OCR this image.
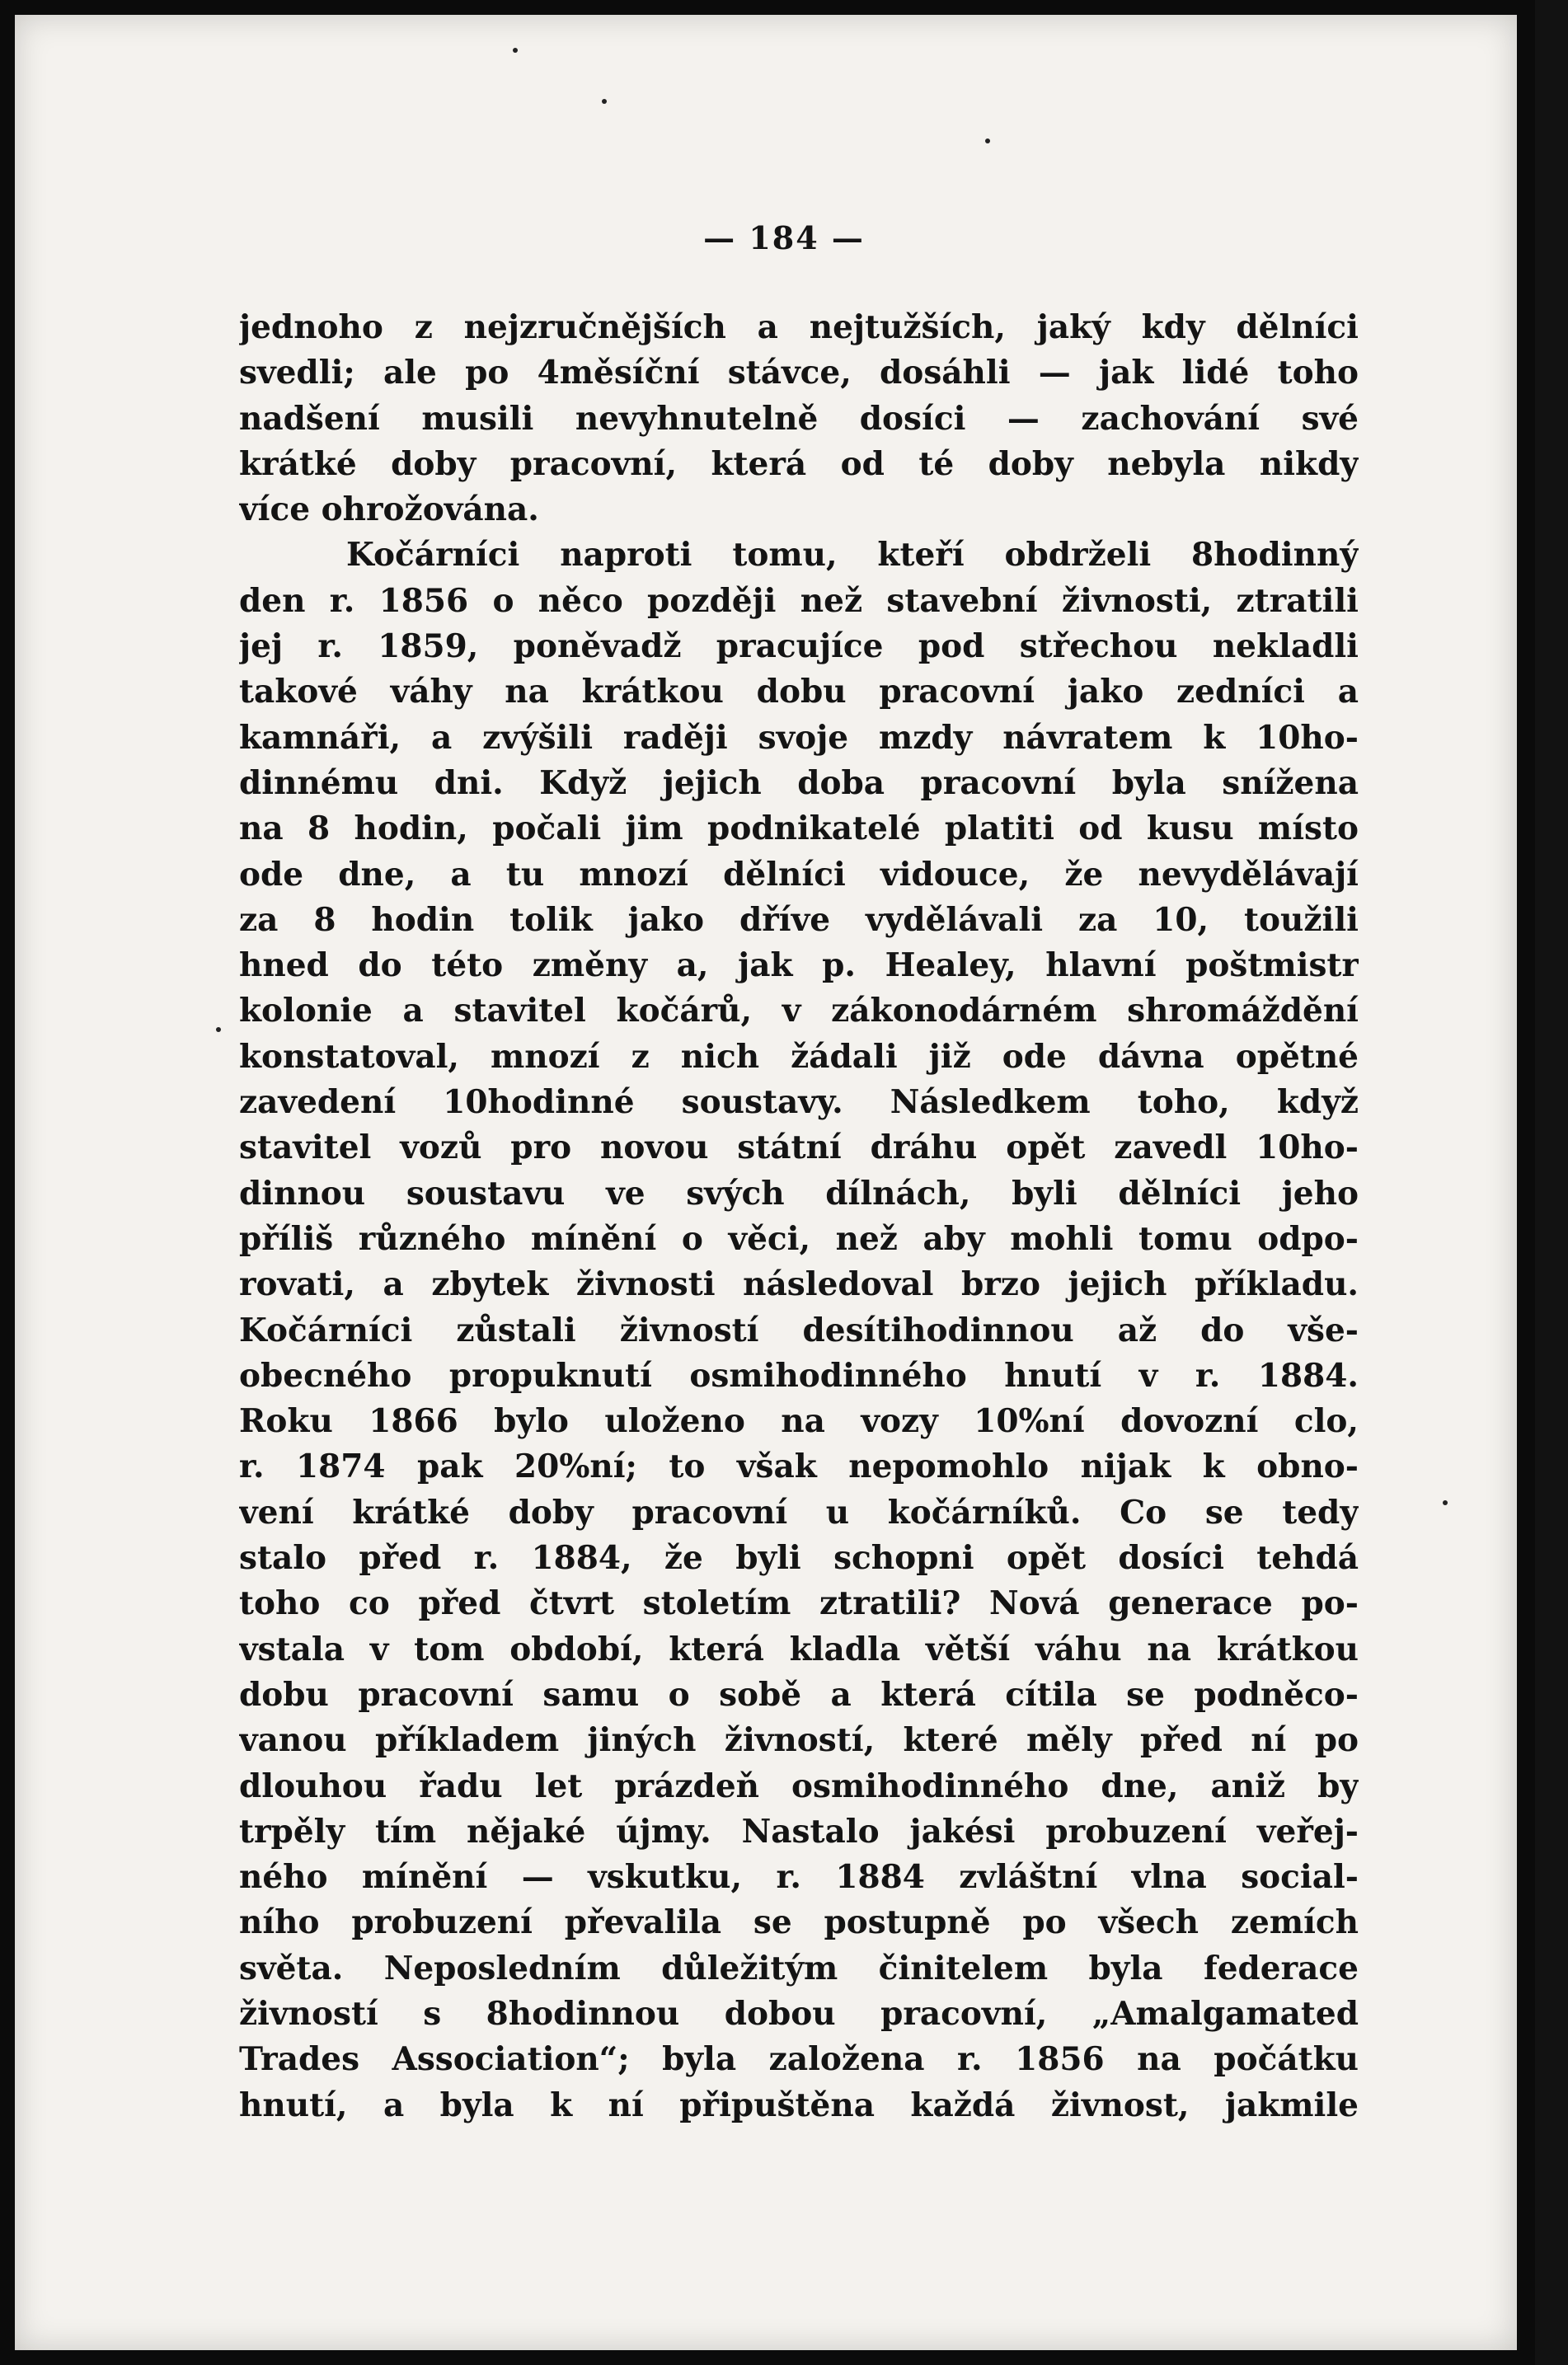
— 184 —
jednoho z nejzručnějších a nejtužších, jaký kdy dělníci
svedli; ale po 4měsíční stávce, dosáhli — jak lidé toho
nadšení musili nevyhnutelně dosíci — zachování své
krátké doby pracovní, která od té doby nebyla nikdy
více ohrožována.
Kočárníci naproti tomu, kteří obdrželi 8hodinný
den r. 1856 o něco později než stavební živnosti, ztratili
jej r. 1859, poněvadž pracujíce pod střechou nekladli
takové váhy na krátkou dobu pracovní jako zedníci a
kamnáři, a zvýšili raději svoje mzdy návratem k 10ho-
dinnému dni. Když jejich doba pracovní byla snížena
na 8 hodin, počali jim podnikatelé platiti od kusu místo
ode dne, a tu mnozí dělníci vidouce, že nevydělávají
za 8 hodin tolik jako dříve vydělávali za 10, toužili
hned do této změny a, jak p. Healey, hlavní poštmistr
kolonie a stavitel kočárů, v zákonodárném shromáždění
konstatoval, mnozí z nich žádali již ode dávna opětné
zavedení 10hodinné soustavy. Následkem toho, když
stavitel vozů pro novou státní dráhu opět zavedl 10ho-
dinnou soustavu ve svých dílnách, byli dělníci jeho
příliš různého mínění o věci, než aby mohli tomu odpo-
rovati, a zbytek živnosti následoval brzo jejich příkladu.
Kočárníci zůstali živností desítihodinnou až do vše-
obecného propuknutí osmihodinného hnutí v r. 1884.
Roku 1866 bylo uloženo na vozy 10%ní dovozní clo,
r. 1874 pak 20%ní; to však nepomohlo nijak k obno-
vení krátké doby pracovní u kočárníků. Co se tedy
stalo před r. 1884, že byli schopni opět dosíci tehdá
toho co před čtvrt stoletím ztratili? Nová generace po-
vstala v tom období, která kladla větší váhu na krátkou
dobu pracovní samu o sobě a která cítila se podněco-
vanou příkladem jiných živností, které měly před ní po
dlouhou řadu let prázdeň osmihodinného dne, aniž by
trpěly tím nějaké újmy. Nastalo jakési probuzení veřej-
ného mínění — vskutku, r. 1884 zvláštní vlna social-
ního probuzení převalila se postupně po všech zemích
světa. Neposledním důležitým činitelem byla federace
živností s 8hodinnou dobou pracovní, „Amalgamated
Trades Association“; byla založena r. 1856 na počátku
hnutí, a byla k ní připuštěna každá živnost, jakmile
